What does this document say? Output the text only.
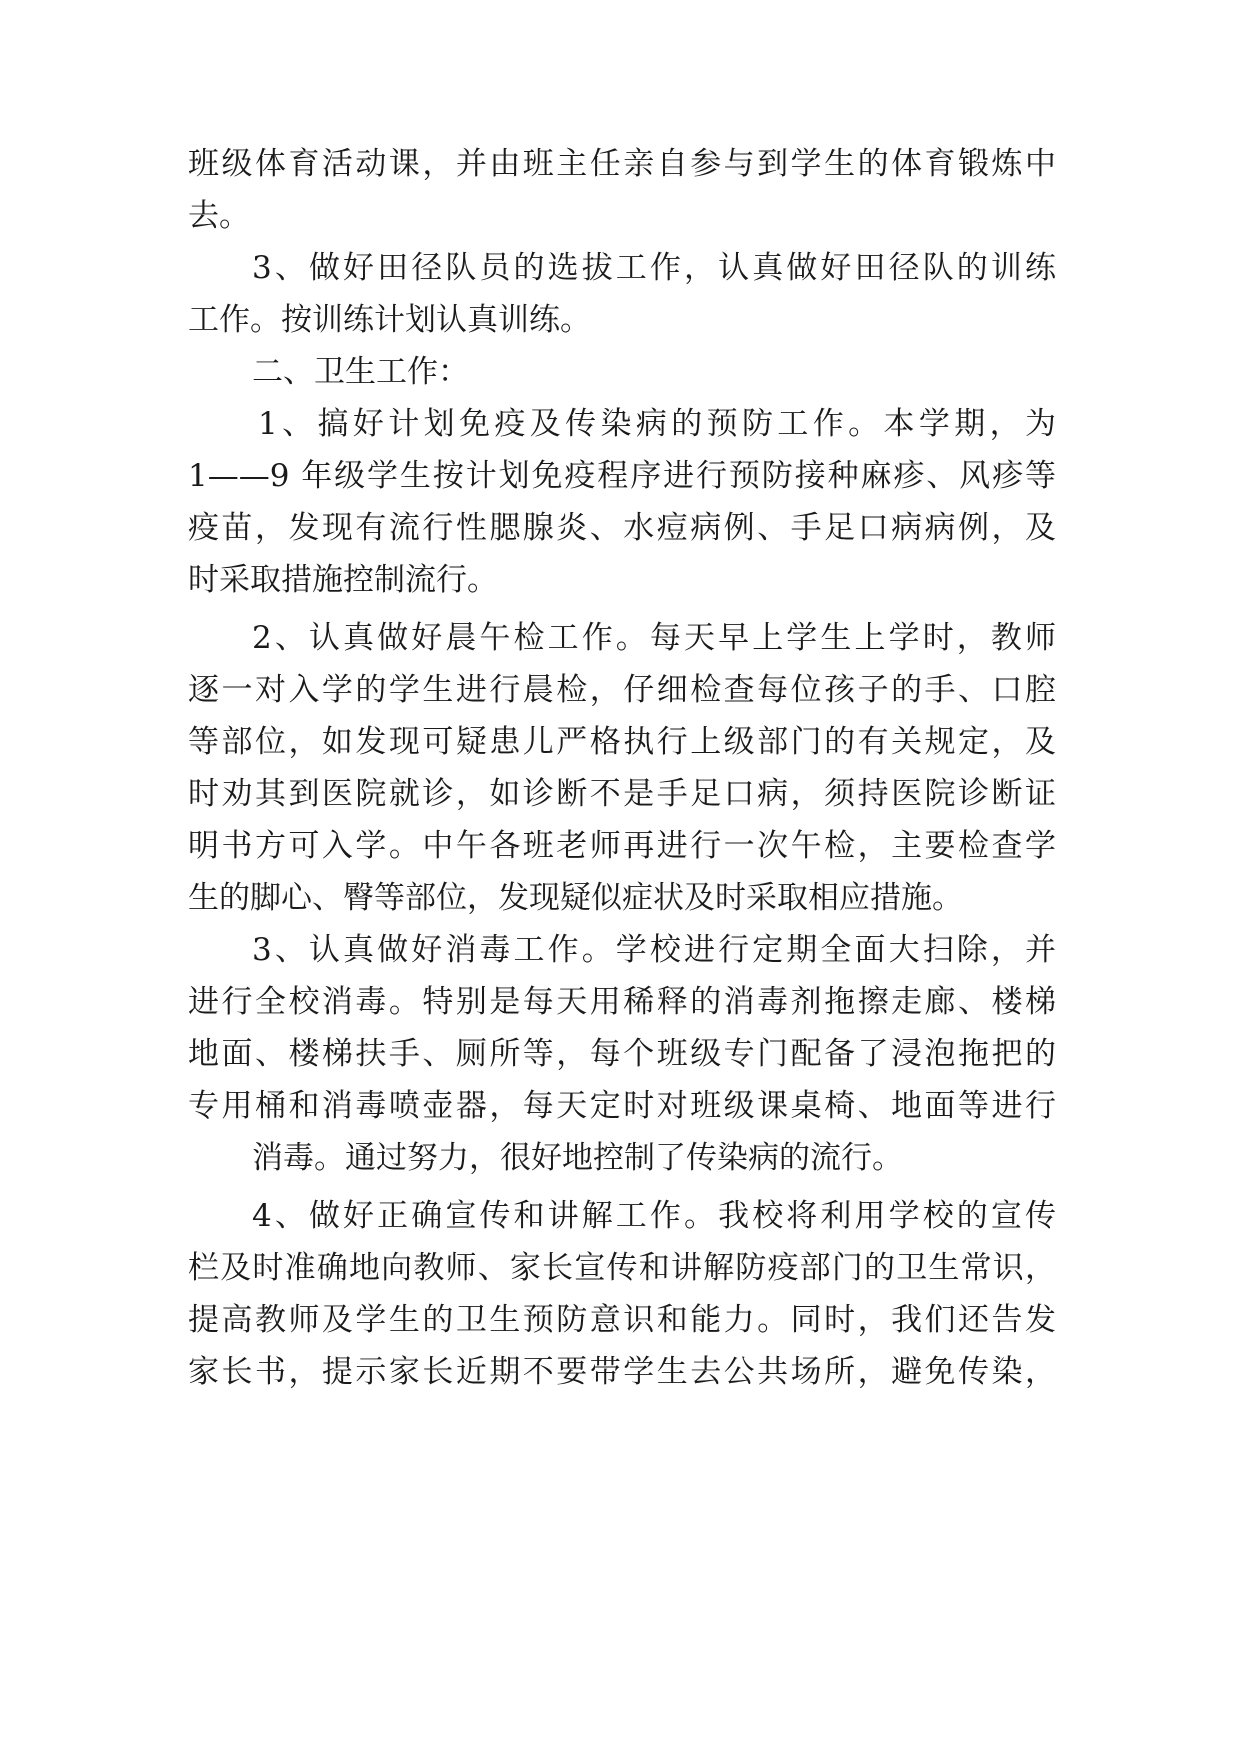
班级体育活动课，并由班主任亲自参与到学生的体育锻炼中
去。
3、做好田径队员的选拔工作，认真做好田径队的训练
工作。按训练计划认真训练。
二、卫生工作：
1、搞好计划免疫及传染病的预防工作。本学期，为
1——9 年级学生按计划免疫程序进行预防接种麻疹、风疹等
疫苗，发现有流行性腮腺炎、水痘病例、手足口病病例，及
时采取措施控制流行。
2、认真做好晨午检工作。每天早上学生上学时，教师
逐一对入学的学生进行晨检，仔细检查每位孩子的手、口腔
等部位，如发现可疑患儿严格执行上级部门的有关规定，及
时劝其到医院就诊，如诊断不是手足口病，须持医院诊断证
明书方可入学。中午各班老师再进行一次午检，主要检查学
生的脚心、臀等部位，发现疑似症状及时采取相应措施。
3、认真做好消毒工作。学校进行定期全面大扫除，并
进行全校消毒。特别是每天用稀释的消毒剂拖擦走廊、楼梯
地面、楼梯扶手、厕所等，每个班级专门配备了浸泡拖把的
专用桶和消毒喷壶器，每天定时对班级课桌椅、地面等进行
消毒。通过努力，很好地控制了传染病的流行。
4、做好正确宣传和讲解工作。我校将利用学校的宣传
栏及时准确地向教师、家长宣传和讲解防疫部门的卫生常识，
提高教师及学生的卫生预防意识和能力。同时，我们还告发
家长书，提示家长近期不要带学生去公共场所，避免传染，
